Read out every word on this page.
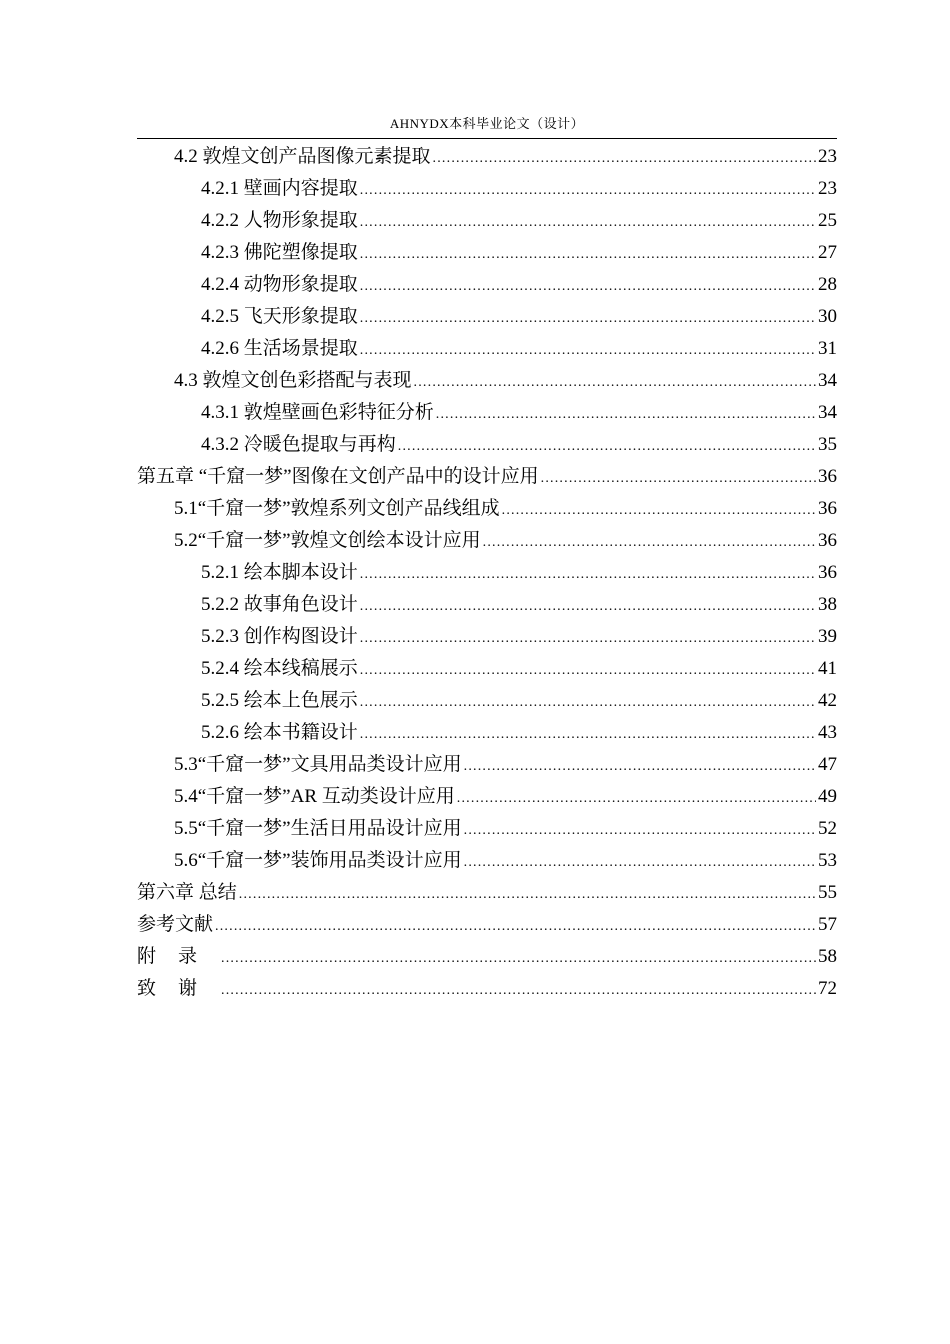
AHNYDX本科毕业论文（设计）
4.2 敦煌文创产品图像元素提取 .....	23
4.2.1 壁画内容提取 .....	23
4.2.2 人物形象提取 .....	25
4.2.3 佛陀塑像提取 .....	27
4.2.4 动物形象提取 .....	28
4.2.5 飞天形象提取 .....	30
4.2.6 生活场景提取 .....	31
4.3 敦煌文创色彩搭配与表现 .....	34
4.3.1 敦煌壁画色彩特征分析 .....	34
4.3.2 冷暖色提取与再构 .....	35
第五章 “千窟一梦”图像在文创产品中的设计应用 .....	36
5.1“千窟一梦”敦煌系列文创产品线组成 .....	36
5.2“千窟一梦”敦煌文创绘本设计应用 .....	36
5.2.1 绘本脚本设计 .....	36
5.2.2 故事角色设计 .....	38
5.2.3 创作构图设计 .....	39
5.2.4 绘本线稿展示 .....	41
5.2.5 绘本上色展示 .....	42
5.2.6 绘本书籍设计 .....	43
5.3“千窟一梦”文具用品类设计应用 .....	47
5.4“千窟一梦”AR 互动类设计应用 .....	49
5.5“千窟一梦”生活日用品设计应用 .....	52
5.6“千窟一梦”装饰用品类设计应用 .....	53
第六章 总结 .....	55
参考文献 .....	57
附录 .....	58
致谢 .....	72
